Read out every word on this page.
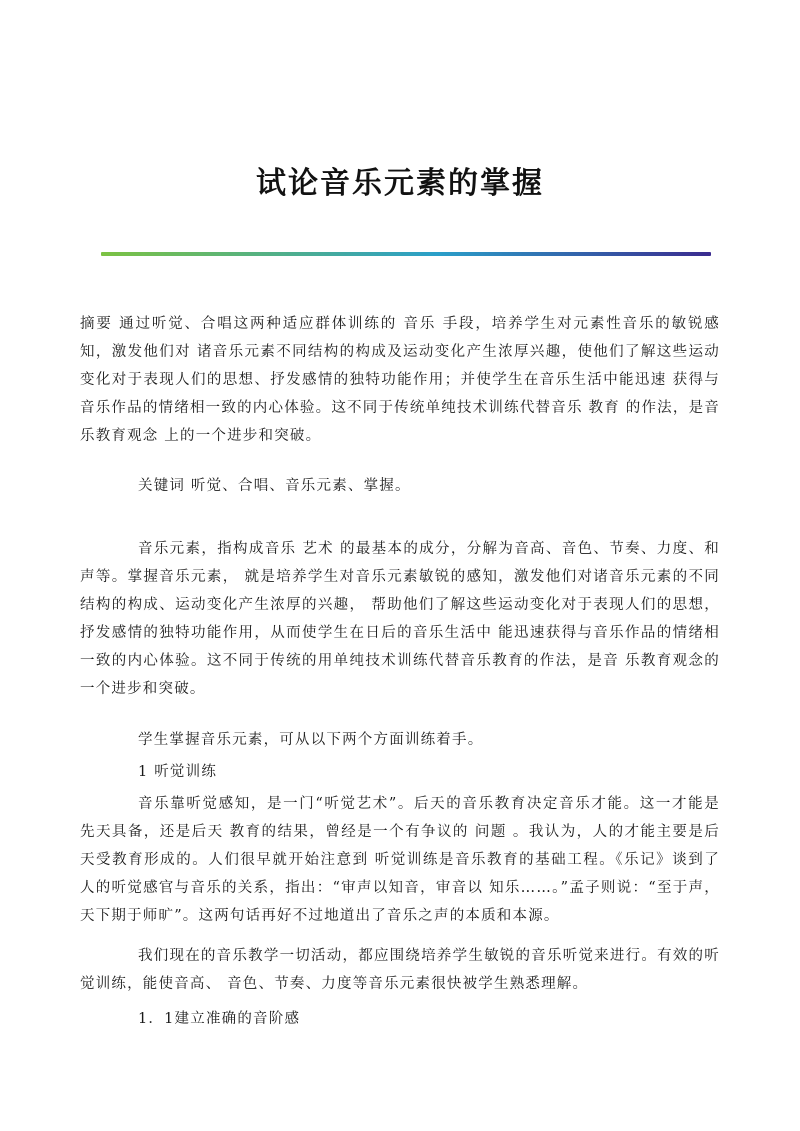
试论音乐元素的掌握

摘要 通过听觉、合唱这两种适应群体训练的 音乐 手段，培养学生对元素性音乐的敏锐感知，激发他们对 诸音乐元素不同结构的构成及运动变化产生浓厚兴趣，使他们了解这些运动变化对于表现人们的思想、抒发感情的独特功能作用；并使学生在音乐生活中能迅速 获得与音乐作品的情绪相一致的内心体验。这不同于传统单纯技术训练代替音乐 教育 的作法，是音乐教育观念 上的一个进步和突破。

关键词 听觉、合唱、音乐元素、掌握。

音乐元素，指构成音乐 艺术 的最基本的成分，分解为音高、音色、节奏、力度、和声等。掌握音乐元素， 就是培养学生对音乐元素敏锐的感知，激发他们对诸音乐元素的不同结构的构成、运动变化产生浓厚的兴趣， 帮助他们了解这些运动变化对于表现人们的思想，抒发感情的独特功能作用，从而使学生在日后的音乐生活中 能迅速获得与音乐作品的情绪相一致的内心体验。这不同于传统的用单纯技术训练代替音乐教育的作法，是音 乐教育观念的一个进步和突破。

学生掌握音乐元素，可从以下两个方面训练着手。

1 听觉训练

音乐靠听觉感知，是一门“听觉艺术”。后天的音乐教育决定音乐才能。这一才能是先天具备，还是后天 教育的结果，曾经是一个有争议的 问题 。我认为，人的才能主要是后天受教育形成的。人们很早就开始注意到 听觉训练是音乐教育的基础工程。《乐记》谈到了人的听觉感官与音乐的关系，指出：“审声以知音，审音以 知乐……。”孟子则说：“至于声，天下期于师旷”。这两句话再好不过地道出了音乐之声的本质和本源。

我们现在的音乐教学一切活动，都应围绕培养学生敏锐的音乐听觉来进行。有效的听觉训练，能使音高、 音色、节奏、力度等音乐元素很快被学生熟悉理解。

1．1建立准确的音阶感
